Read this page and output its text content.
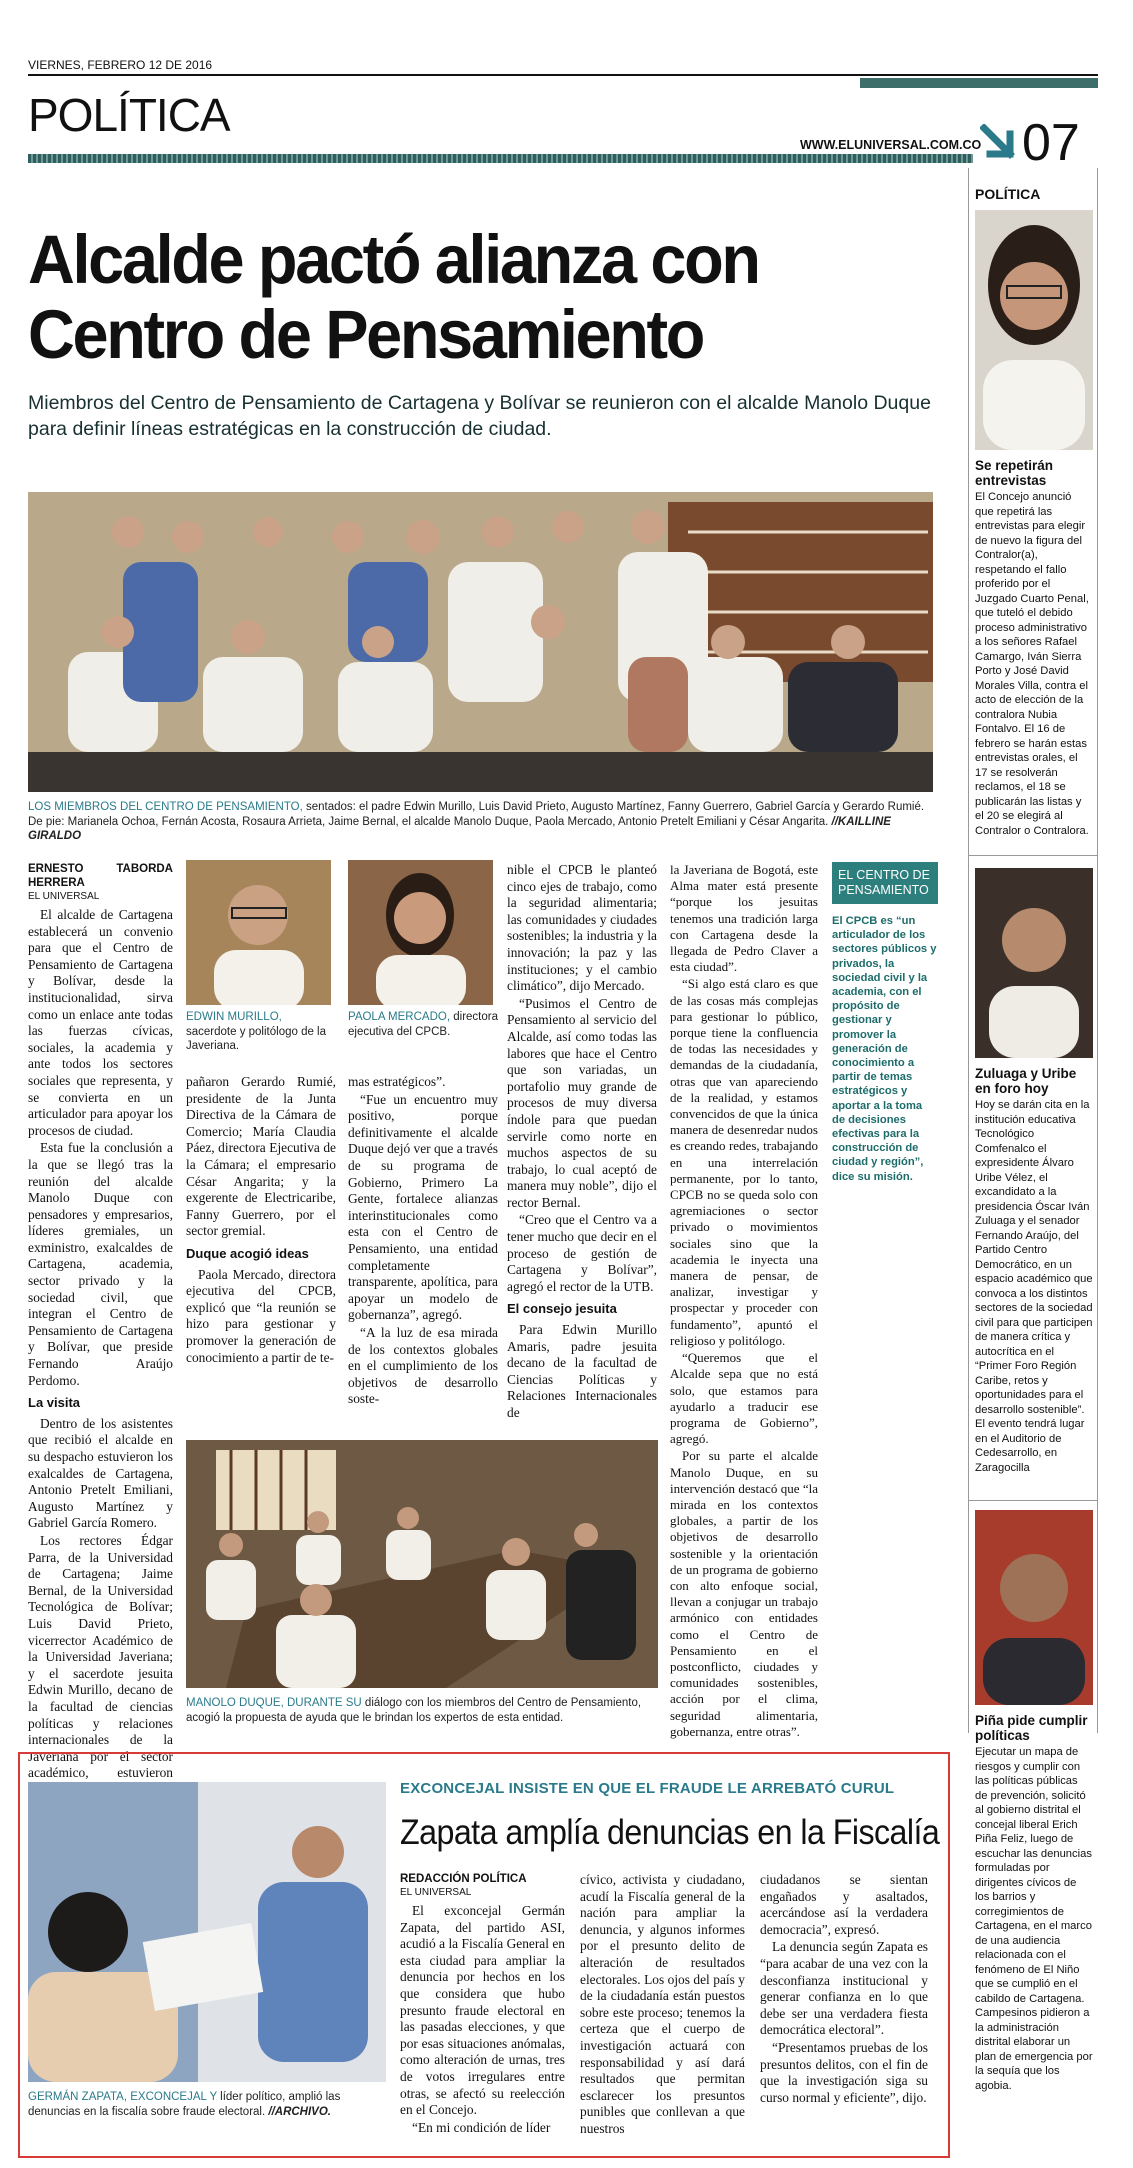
VIERNES, FEBRERO 12 DE 2016
POLÍTICA
WWW.ELUNIVERSAL.COM.CO 07
Alcalde pactó alianza con Centro de Pensamiento
Miembros del Centro de Pensamiento de Cartagena y Bolívar se reunieron con el alcalde Manolo Duque para definir líneas estratégicas en la construcción de ciudad.
LOS MIEMBROS DEL CENTRO DE PENSAMIENTO, sentados: el padre Edwin Murillo, Luis David Prieto, Augusto Martínez, Fanny Guerrero, Gabriel García y Gerardo Rumié. De pie: Marianela Ochoa, Fernán Acosta, Rosaura Arrieta, Jaime Bernal, el alcalde Manolo Duque, Paola Mercado, Antonio Pretelt Emiliani y César Angarita. //KAILLINE GIRALDO
ERNESTO TABORDA HERRERA
EL UNIVERSAL

El alcalde de Cartagena establecerá un convenio para que el Centro de Pensamiento de Cartagena y Bolívar, desde la institucionalidad, sirva como un enlace ante todas las fuerzas cívicas, sociales, la academia y ante todos los sectores sociales que representa, y se convierta en un articulador para apoyar los procesos de ciudad.

Esta fue la conclusión a la que se llegó tras la reunión del alcalde Manolo Duque con pensadores y empresarios, líderes gremiales, un exministro, exalcaldes de Cartagena, academia, sector privado y la sociedad civil, que integran el Centro de Pensamiento de Cartagena y Bolívar, que preside Fernando Araújo Perdomo.

La visita

Dentro de los asistentes que recibió el alcalde en su despacho estuvieron los exalcaldes de Cartagena, Antonio Pretelt Emiliani, Augusto Martínez y Gabriel García Romero.

Los rectores Édgar Parra, de la Universidad de Cartagena; Jaime Bernal, de la Universidad Tecnológica de Bolívar; Luis David Prieto, vicerrector Académico de la Universidad Javeriana; y el sacerdote jesuita Edwin Murillo, decano de la facultad de ciencias políticas y relaciones internacionales de la Javeriana por el sector académico, estuvieron

EDWIN MURILLO, sacerdote y politólogo de la Javeriana.
PAOLA MERCADO, directora ejecutiva del CPCB.

pañaron Gerardo Rumié, presidente de la Junta Directiva de la Cámara de Comercio; María Claudia Páez, directora Ejecutiva de la Cámara; el empresario César Angarita; y la exgerente de Electricaribe, Fanny Guerrero, por el sector gremial.

Duque acogió ideas

Paola Mercado, directora ejecutiva del CPCB, explicó que “la reunión se hizo para gestionar y promover la generación de conocimiento a partir de te-

mas estratégicos”.

“Fue un encuentro muy positivo, porque definitivamente el alcalde Duque dejó ver que a través de su programa de Gobierno, Primero La Gente, fortalece alianzas interinstitucionales como esta con el Centro de Pensamiento, una entidad completamente transparente, apolítica, para apoyar un modelo de gobernanza”, agregó.

“A la luz de esa mirada de los contextos globales en el cumplimiento de los objetivos de desarrollo soste-

nible el CPCB le planteó cinco ejes de trabajo, como la seguridad alimentaria; las comunidades y ciudades sostenibles; la industria y la innovación; la paz y las instituciones; y el cambio climático”, dijo Mercado.

“Pusimos el Centro de Pensamiento al servicio del Alcalde, así como todas las labores que hace el Centro que son variadas, un portafolio muy grande de procesos de muy diversa índole para que puedan servirle como norte en muchos aspectos de su trabajo, lo cual aceptó de manera muy noble”, dijo el rector Bernal.

“Creo que el Centro va a tener mucho que decir en el proceso de gestión de Cartagena y Bolívar”, agregó el rector de la UTB.

El consejo jesuita

Para Edwin Murillo Amaris, padre jesuita decano de la facultad de Ciencias Políticas y Relaciones Internacionales de

la Javeriana de Bogotá, este Alma mater está presente “porque los jesuitas tenemos una tradición larga con Cartagena desde la llegada de Pedro Claver a esta ciudad”.

“Si algo está claro es que de las cosas más complejas para gestionar lo público, porque tiene la confluencia de todas las necesidades y demandas de la ciudadanía, otras que van apareciendo de la realidad, y estamos convencidos de que la única manera de desenredar nudos es creando redes, trabajando en una interrelación permanente, por lo tanto, CPCB no se queda solo con agremiaciones o sector privado o movimientos sociales sino que la academia le inyecta una manera de pensar, de analizar, investigar y prospectar y proceder con fundamento”, apuntó el religioso y politólogo.

“Queremos que el Alcalde sepa que no está solo, que estamos para ayudarlo a traducir ese programa de Gobierno”, agregó.

Por su parte el alcalde Manolo Duque, en su intervención destacó que “la mirada en los contextos globales, a partir de los objetivos de desarrollo sostenible y la orientación de un programa de gobierno con alto enfoque social, llevan a conjugar un trabajo armónico con entidades como el Centro de Pensamiento en el postconflicto, ciudades y comunidades sostenibles, acción por el clima, seguridad alimentaria, gobernanza, entre otras”.

EL CENTRO DE PENSAMIENTO
El CPCB es “un articulador de los sectores públicos y privados, la sociedad civil y la academia, con el propósito de gestionar y promover la generación de conocimiento a partir de temas estratégicos y aportar a la toma de decisiones efectivas para la construcción de ciudad y región”, dice su misión.
MANOLO DUQUE, DURANTE SU diálogo con los miembros del Centro de Pensamiento, acogió la propuesta de ayuda que le brindan los expertos de esta entidad.
POLÍTICA
Se repetirán entrevistas
El Concejo anunció que repetirá las entrevistas para elegir de nuevo la figura del Contralor(a), respetando el fallo proferido por el Juzgado Cuarto Penal, que tuteló el debido proceso administrativo a los señores Rafael Camargo, Iván Sierra Porto y José David Morales Villa, contra el acto de elección de la contralora Nubia Fontalvo. El 16 de febrero se harán estas entrevistas orales, el 17 se resolverán reclamos, el 18 se publicarán las listas y el 20 se elegirá al Contralor o Contralora.
Zuluaga y Uribe en foro hoy
Hoy se darán cita en la institución educativa Tecnológico Comfenalco el expresidente Álvaro Uribe Vélez, el excandidato a la presidencia Óscar Iván Zuluaga y el senador Fernando Araújo, del Partido Centro Democrático, en un espacio académico que convoca a los distintos sectores de la sociedad civil para que participen de manera crítica y autocrítica en el “Primer Foro Región Caribe, retos y oportunidades para el desarrollo sostenible”. El evento tendrá lugar en el Auditorio de Cedesarrollo, en Zaragocilla
Piña pide cumplir políticas
Ejecutar un mapa de riesgos y cumplir con las políticas públicas de prevención, solicitó al gobierno distrital el concejal liberal Erich Piña Feliz, luego de escuchar las denuncias formuladas por dirigentes cívicos de los barrios y corregimientos de Cartagena, en el marco de una audiencia relacionada con el fenómeno de El Niño que se cumplió en el cabildo de Cartagena. Campesinos pidieron a la administración distrital elaborar un plan de emergencia por la sequía que los agobia.
GERMÁN ZAPATA, EXCONCEJAL Y líder político, amplió las denuncias en la fiscalía sobre fraude electoral. //ARCHIVO.
EXCONCEJAL INSISTE EN QUE EL FRAUDE LE ARREBATÓ CURUL
Zapata amplía denuncias en la Fiscalía
REDACCIÓN POLÍTICA
EL UNIVERSAL

El exconcejal Germán Zapata, del partido ASI, acudió a la Fiscalía General en esta ciudad para ampliar la denuncia por hechos en los que considera que hubo presunto fraude electoral en las pasadas elecciones, y que por esas situaciones anómalas, como alteración de urnas, tres de votos irregulares entre otras, se afectó su reelección en el Concejo.

“En mi condición de líder

cívico, activista y ciudadano, acudí la Fiscalía general de la nación para ampliar la denuncia, y algunos informes por el presunto delito de alteración de resultados electorales. Los ojos del país y de la ciudadanía están puestos sobre este proceso; tenemos la certeza que el cuerpo de investigación actuará con responsabilidad y así dará resultados que permitan esclarecer los presuntos punibles que conllevan a que nuestros

ciudadanos se sientan engañados y asaltados, acercándose así la verdadera democracia”, expresó.

La denuncia según Zapata es “para acabar de una vez con la desconfianza institucional y generar confianza en lo que debe ser una verdadera fiesta democrática electoral”.

“Presentamos pruebas de los presuntos delitos, con el fin de que la investigación siga su curso normal y eficiente”, dijo.
